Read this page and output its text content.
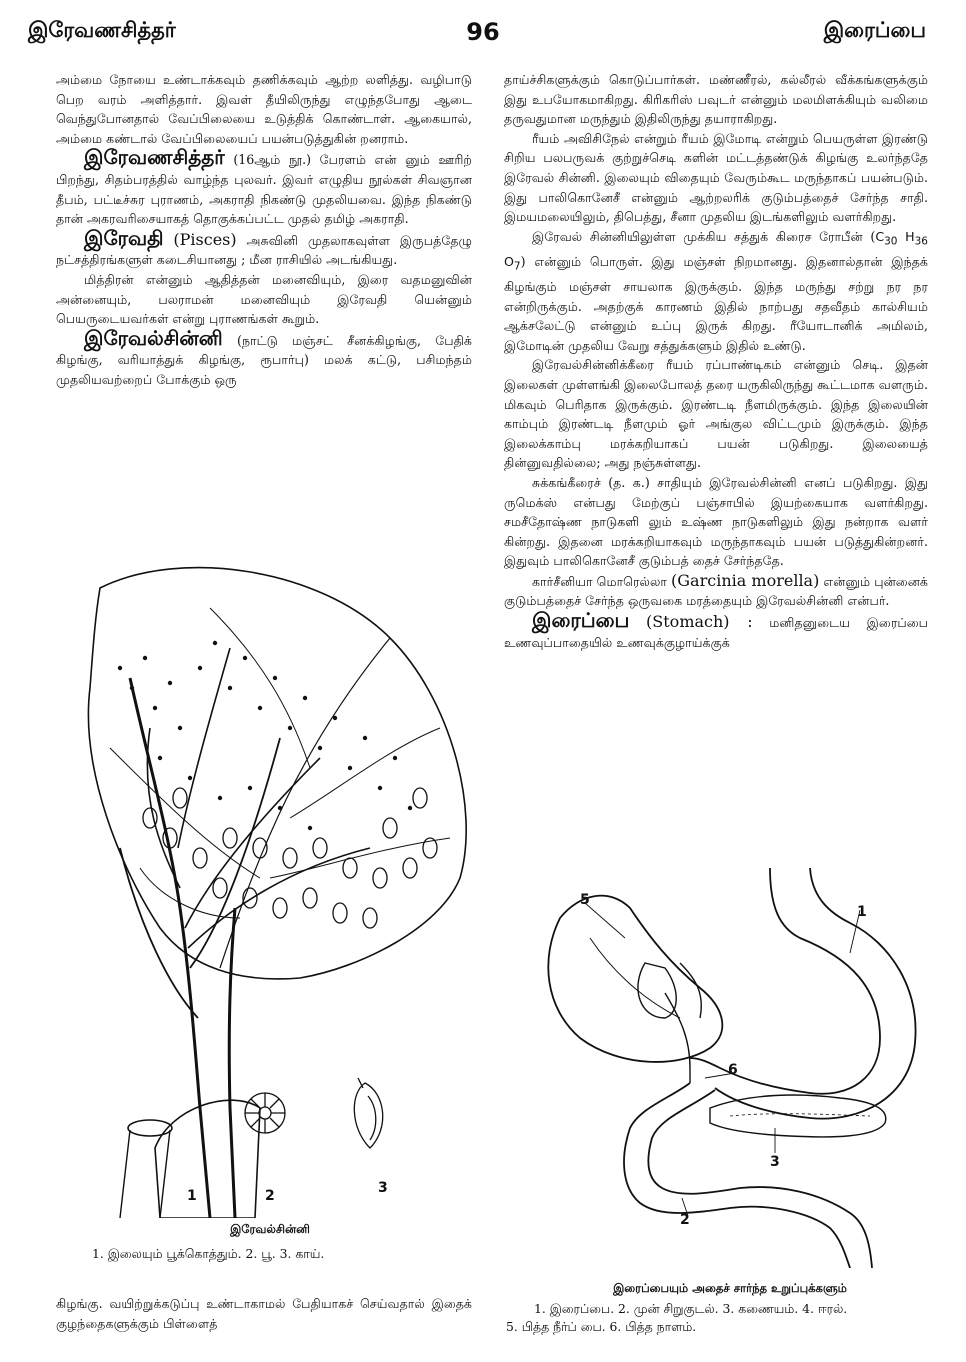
இரேவணசித்தர்	96	இரைப்பை

அம்மை நோயை உண்டாக்கவும் தணிக்கவும் ஆற்ற லளித்து. வழிபாடு பெற வரம் அளித்தார். இவள் தீயிலிருந்து எழுந்தபோது ஆடை வெந்துபோனதால் வேப்பிலையை உடுத்திக் கொண்டாள். ஆகையால், அம்மை கண்டால் வேப்பிலையைப் பயன்படுத்துகின் றனராம்.

இரேவணசித்தர் (16ஆம் நூ.) பேரளம் என் னும் ஊரிற் பிறந்து, சிதம்பரத்தில் வாழ்ந்த புலவர். இவர் எழுதிய நூல்கள் சிவஞான தீபம், பட்டீச்சுர புராணம், அகராதி நிகண்டு முதலியவை. இந்த நிகண்டு தான் அகரவரிசையாகத் தொகுக்கப்பட்ட முதல் தமிழ் அகராதி.

இரேவதி (Pisces) அசுவினி முதலாகவுள்ள இருபத்தேழு நட்சத்திரங்களுள் கடைசியானது ; மீன ராசியில் அடங்கியது.

மித்திரன் என்னும் ஆதித்தன் மனைவியும், இரை வதமனுவின் அன்னையும், பலராமன் மனைவியும் இரேவதி யென்னும் பெயருடையவர்கள் என்று புராணங்கள் கூறும்.

இரேவல்சின்னி (நாட்டு மஞ்சட் சீனக்கிழங்கு, பேதிக் கிழங்கு, வரியாத்துக் கிழங்கு, ரூபார்பு) மலக் கட்டு, பசிமந்தம் முதலியவற்றைப் போக்கும் ஒரு

1	2	3
இரேவல்சின்னி
1. இலையும் பூக்கொத்தும். 2. பூ. 3. காய்.
கிழங்கு. வயிற்றுக்கடுப்பு உண்டாகாமல் பேதியாகச் செய்வதால் இதைக் குழந்தைகளுக்கும் பிள்ளைத்

தாய்ச்சிகளுக்கும் கொடுப்பார்கள். மண்ணீரல், கல்லீரல் வீக்கங்களுக்கும் இது உபயோகமாகிறது. கிரிகரிஸ் பவுடர் என்னும் மலமிளக்கியும் வலிமை தருவதுமான மருந்தும் இதிலிருந்து தயாராகிறது.

ரீயம் அவிசிநேல் என்றும் ரீயம் இமோடி என்றும் பெயருள்ள இரண்டு சிறிய பலபருவக் குற்றுச்செடி களின் மட்டத்தண்டுக் கிழங்கு உலர்ந்ததே இரேவல் சின்னி. இலையும் விதையும் வேரும்கூட மருந்தாகப் பயன்படும். இது பாலிகொனேசீ என்னும் ஆற்றலரிக் குடும்பத்தைச் சேர்ந்த சாதி. இமயமலையிலும், திபெத்து, சீனா முதலிய இடங்களிலும் வளர்கிறது.

இரேவல் சின்னியிலுள்ள முக்கிய சத்துக் கிரைச ரோபீன் ($C_{30}$ $H_{36}$ $O_7$) என்னும் பொருள். இது மஞ்சள் நிறமானது. இதனால்தான் இந்தக் கிழங்கும் மஞ்சள் சாயலாக இருக்கும். இந்த மருந்து சற்று நர நர என்றிருக்கும். அதற்குக் காரணம் இதில் நாற்பது சதவீதம் கால்சியம் ஆக்சலேட்டு என்னும் உப்பு இருக் கிறது. ரீயோடானிக் அமிலம், இமோடின் முதலிய வேறு சத்துக்களும் இதில் உண்டு.

இரேவல்சின்னிக்கீரை ரீயம் ரப்பாண்டிகம் என்னும் செடி. இதன் இலைகள் முள்ளங்கி இலைபோலத் தரை யருகிலிருந்து கூட்டமாக வளரும். மிகவும் பெரிதாக இருக்கும். இரண்டடி நீளமிருக்கும். இந்த இலையின் காம்பும் இரண்டடி நீளமும் ஓர் அங்குல விட்டமும் இருக்கும். இந்த இலைக்காம்பு மரக்கறியாகப் பயன் படுகிறது. இலையைத் தின்னுவதில்லை; அது நஞ்சுள்ளது.

சுக்கங்கீரைச் (த. க.) சாதியும் இரேவல்சின்னி எனப் படுகிறது. இது ருமெக்ஸ் என்பது மேற்குப் பஞ்சாபில் இயற்கையாக வளர்கிறது. சமசீதோஷ்ண நாடுகளி லும் உஷ்ண நாடுகளிலும் இது நன்றாக வளர் கின்றது. இதனை மரக்கறியாகவும் மருந்தாகவும் பயன் படுத்துகின்றனர். இதுவும் பாலிகொனேசீ குடும்பத் தைச் சேர்ந்ததே.

கார்சீனியா மொரெல்லா (Garcinia morella) என்னும் புன்னைக் குடும்பத்தைச் சேர்ந்த ஒருவகை மரத்தையும் இரேவல்சின்னி என்பர்.

இரைப்பை (Stomach) : மனிதனுடைய இரைப்பை உணவுப்பாதையில் உணவுக்குழாய்க்குக்

1
2
3
5
6
இரைப்பையும் அதைச் சார்ந்த உறுப்புக்களும்
1. இரைப்பை. 2. முன் சிறுகுடல். 3. கணையம். 4. ஈரல்.
5. பித்த நீர்ப் பை. 6. பித்த நாளம்.
